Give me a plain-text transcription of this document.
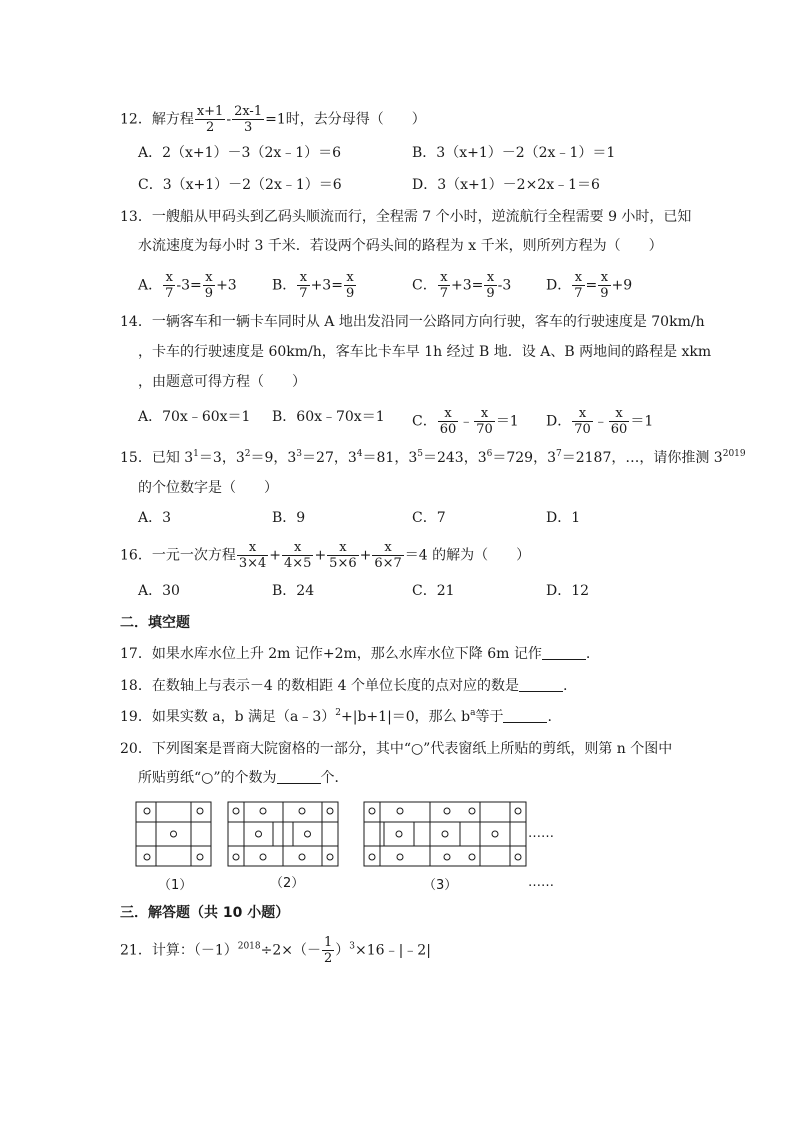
12．解方程 $\frac{x+1}{2} - \frac{2x-1}{3} =1$时，去分母得（　　）
A．2（x+1）－3（2x﹣1）＝6	B．3（x+1）－2（2x﹣1）＝1
C．3（x+1）－2（2x﹣1）＝6	D．3（x+1）－2×2x﹣1＝6
13．一艘船从甲码头到乙码头顺流而行，全程需 7 个小时，逆流航行全程需要 9 小时，已知
水流速度为每小时 3 千米．若设两个码头间的路程为 x 千米，则所列方程为（　　）
A． $\frac{x}{7} -3= \frac{x}{9} +3$	B． $\frac{x}{7} +3= \frac{x}{9}$	C． $\frac{x}{7} +3= \frac{x}{9} -3$ D． $\frac{x}{7} = \frac{x}{9} +9$
14．一辆客车和一辆卡车同时从 A 地出发沿同一公路同方向行驶，客车的行驶速度是 70km/h
，卡车的行驶速度是 60km/h，客车比卡车早 1h 经过 B 地．设 A、B 两地间的路程是 xkm
，由题意可得方程（　　）
A．70x﹣60x＝1 B．60x﹣70x＝1 C． $\frac{x}{60}$ ﹣ $\frac{x}{70} =1$ D． $\frac{x}{70}$ ﹣ $\frac{x}{60} =1$
15．已知 $3^1=3$，$3^2=9$，$3^3=27$，$3^4=81$，$3^5=243$，$3^6=729$，$3^7=2187$，…，请你推测 $3^{2019}$
的个位数字是（　　）
A．3	B．9	C．7	D．1
16．一元一次方程 $\frac{x}{3\times 4} + \frac{x}{4\times 5} + \frac{x}{5\times 6} + \frac{x}{6\times 7} =4$ 的解为（　　）
A．30	B．24	C．21	D．12
二．填空题
17．如果水库水位上升 2m 记作+2m，那么水库水位下降 6m 记作	.
18．在数轴上与表示－4 的数相距 4 个单位长度的点对应的数是	.
19．如果实数 a，b 满足（a﹣3）$^2$+|b+1|＝0，那么 $b^a$等于	.
20．下列图案是晋商大院窗格的一部分，其中“○”代表窗纸上所贴的剪纸，则第 n 个图中
所贴剪纸“○”的个数为	个．
……
（1）	（2）	（3）	……
三．解答题（共 10 小题）
21．计算：$(-1)^{2018}\div 2\times(- \frac{1}{2}$ ）$^3\times 16﹣|﹣2|$
